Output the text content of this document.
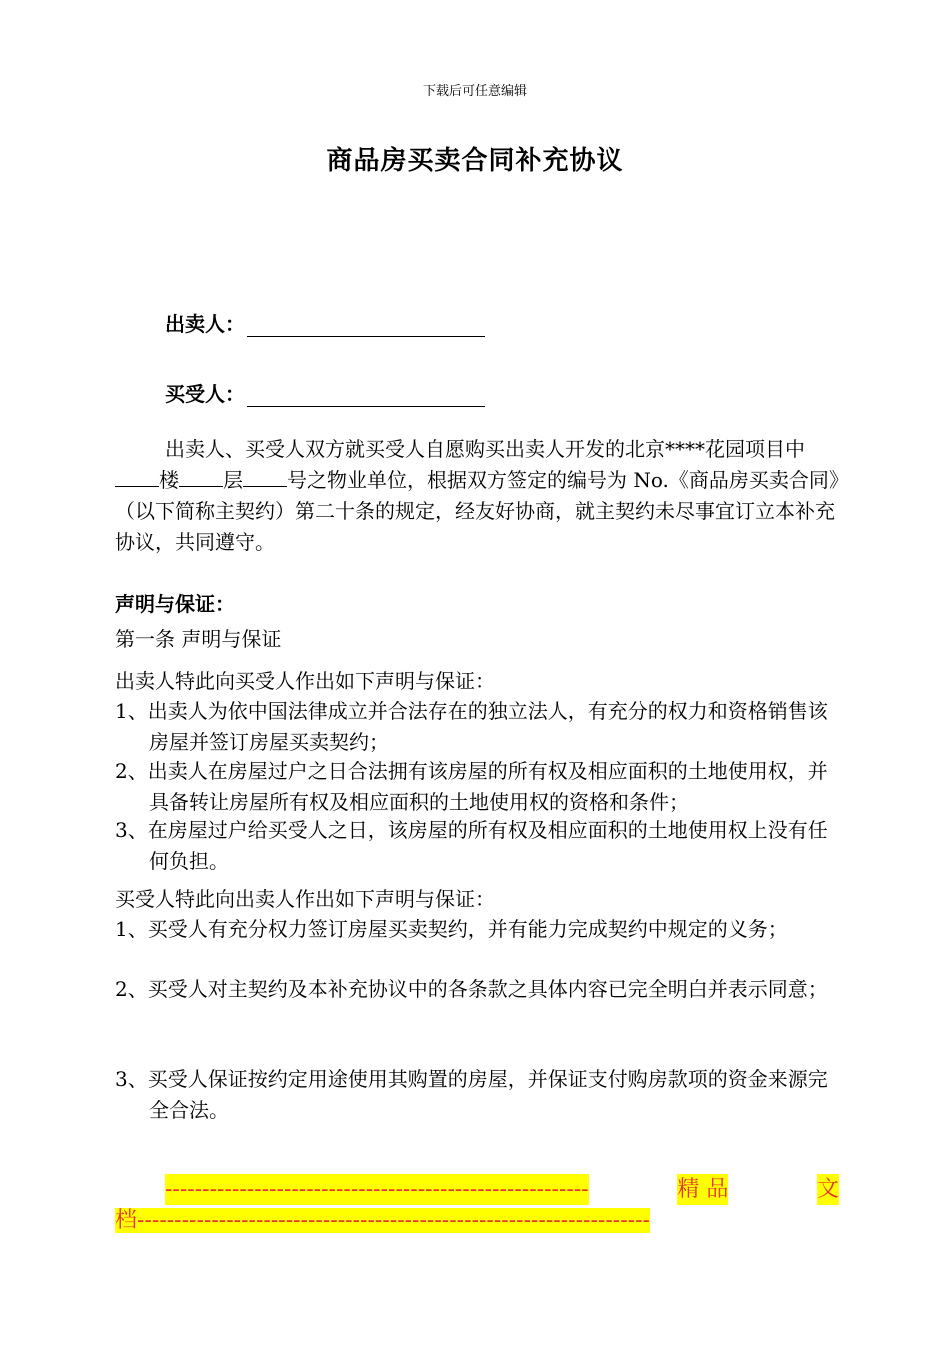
下载后可任意编辑
商品房买卖合同补充协议
出卖人：
买受人：
出卖人、买受人双方就买受人自愿购买出卖人开发的北京****花园项目中楼 层 号之物业单位，根据双方签定的编号为 No.《商品房买卖合同》（以下简称主契约）第二十条的规定，经友好协商，就主契约未尽事宜订立本补充协议，共同遵守。
声明与保证：
第一条 声明与保证
出卖人特此向买受人作出如下声明与保证：
1、出卖人为依中国法律成立并合法存在的独立法人，有充分的权力和资格销售该房屋并签订房屋买卖契约；
2、出卖人在房屋过户之日合法拥有该房屋的所有权及相应面积的土地使用权，并具备转让房屋所有权及相应面积的土地使用权的资格和条件；
3、在房屋过户给买受人之日，该房屋的所有权及相应面积的土地使用权上没有任何负担。
买受人特此向出卖人作出如下声明与保证：
1、买受人有充分权力签订房屋买卖契约，并有能力完成契约中规定的义务；
2、买受人对主契约及本补充协议中的各条款之具体内容已完全明白并表示同意；
3、买受人保证按约定用途使用其购置的房屋，并保证支付购房款项的资金来源完全合法。
---------------------------------------------------------	精 品	文
档---------------------------------------------------------------------
